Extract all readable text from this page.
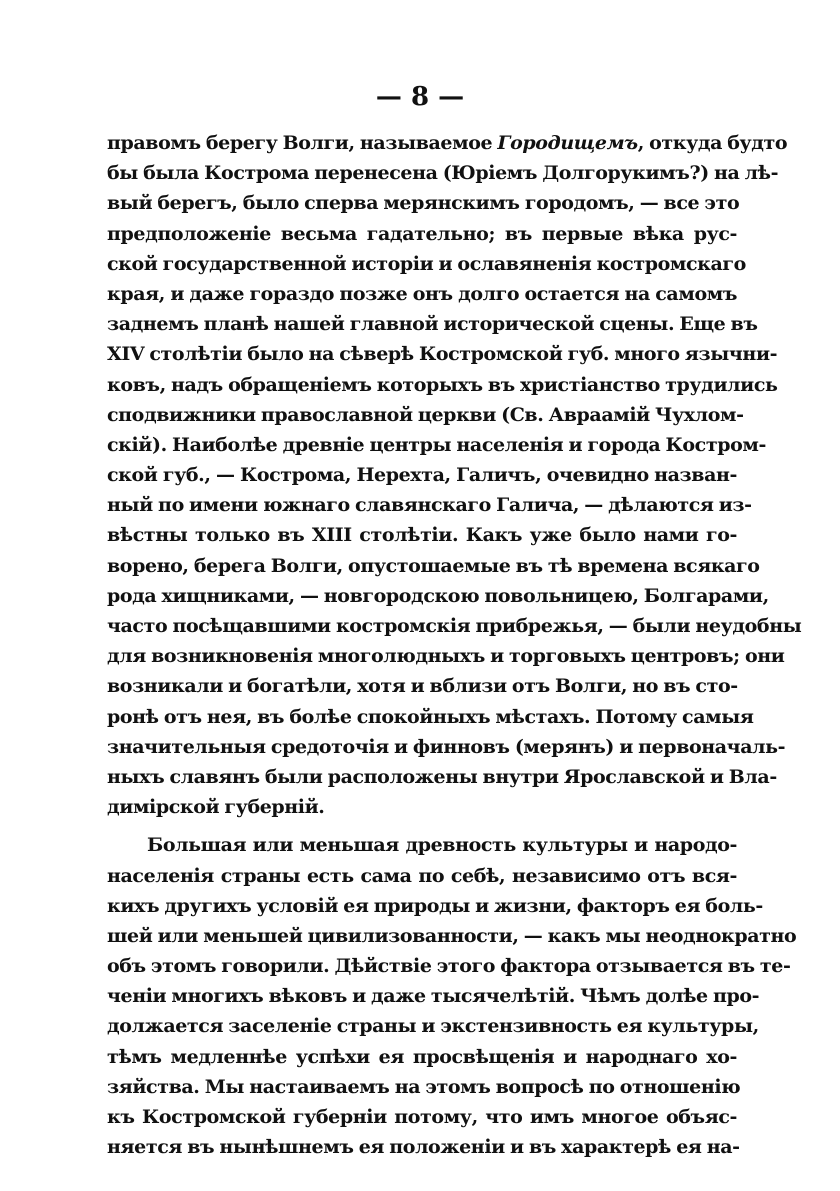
— 8 —
правомъ берегу Волги, называемое Городищемъ, откуда будто
бы была Кострома перенесена (Юріемъ Долгорукимъ?) на лѣ-
вый берегъ, было сперва мерянскимъ городомъ, — все это
предположеніе весьма гадательно; въ первые вѣка рус-
ской государственной исторіи и ославяненія костромскаго
края, и даже гораздо позже онъ долго остается на самомъ
заднемъ планѣ нашей главной исторической сцены. Еще въ
XIV столѣтіи было на сѣверѣ Костромской губ. много язычни-
ковъ, надъ обращеніемъ которыхъ въ христіанство трудились
сподвижники православной церкви (Св. Авраамій Чухлом-
скій). Наиболѣе древніе центры населенія и города Костром-
ской губ., — Кострома, Нерехта, Галичъ, очевидно назван-
ный по имени южнаго славянскаго Галича, — дѣлаются из-
вѣстны только въ XIII столѣтіи. Какъ уже было нами го-
ворено, берега Волги, опустошаемые въ тѣ времена всякаго
рода хищниками, — новгородскою повольницею, Болгарами,
часто посѣщавшими костромскія прибрежья, — были неудобны
для возникновенія многолюдныхъ и торговыхъ центровъ; они
возникали и богатѣли, хотя и вблизи отъ Волги, но въ сто-
ронѣ отъ нея, въ болѣе спокойныхъ мѣстахъ. Потому самыя
значительныя средоточія и финновъ (мерянъ) и первоначаль-
ныхъ славянъ были расположены внутри Ярославской и Вла-
димірской губерній.
Большая или меньшая древность культуры и народо-
населенія страны есть сама по себѣ, независимо отъ вся-
кихъ другихъ условій ея природы и жизни, факторъ ея боль-
шей или меньшей цивилизованности, — какъ мы неоднократно
объ этомъ говорили. Дѣйствіе этого фактора отзывается въ те-
ченіи многихъ вѣковъ и даже тысячелѣтій. Чѣмъ долѣе про-
должается заселеніе страны и экстензивность ея культуры,
тѣмъ медленнѣе успѣхи ея просвѣщенія и народнаго хо-
зяйства. Мы настаиваемъ на этомъ вопросѣ по отношенію
къ Костромской губерніи потому, что имъ многое объяс-
няется въ нынѣшнемъ ея положеніи и въ характерѣ ея на-
